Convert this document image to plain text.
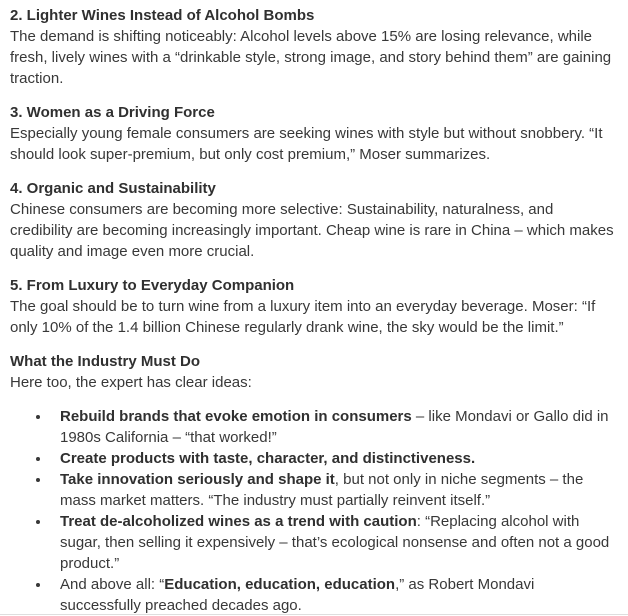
2. Lighter Wines Instead of Alcohol Bombs

The demand is shifting noticeably: Alcohol levels above 15% are losing relevance, while fresh, lively wines with a “drinkable style, strong image, and story behind them” are gaining traction.

3. Women as a Driving Force

Especially young female consumers are seeking wines with style but without snobbery. “It should look super-premium, but only cost premium,” Moser summarizes.

4. Organic and Sustainability

Chinese consumers are becoming more selective: Sustainability, naturalness, and credibility are becoming increasingly important. Cheap wine is rare in China – which makes quality and image even more crucial.

5. From Luxury to Everyday Companion

The goal should be to turn wine from a luxury item into an everyday beverage. Moser: “If only 10% of the 1.4 billion Chinese regularly drank wine, the sky would be the limit.”

What the Industry Must Do

Here too, the expert has clear ideas:

• Rebuild brands that evoke emotion in consumers – like Mondavi or Gallo did in 1980s California – “that worked!”
• Create products with taste, character, and distinctiveness.
• Take innovation seriously and shape it, but not only in niche segments – the mass market matters. “The industry must partially reinvent itself.”
• Treat de-alcoholized wines as a trend with caution: “Replacing alcohol with sugar, then selling it expensively – that’s ecological nonsense and often not a good product.”
• And above all: “Education, education, education,” as Robert Mondavi successfully preached decades ago.
